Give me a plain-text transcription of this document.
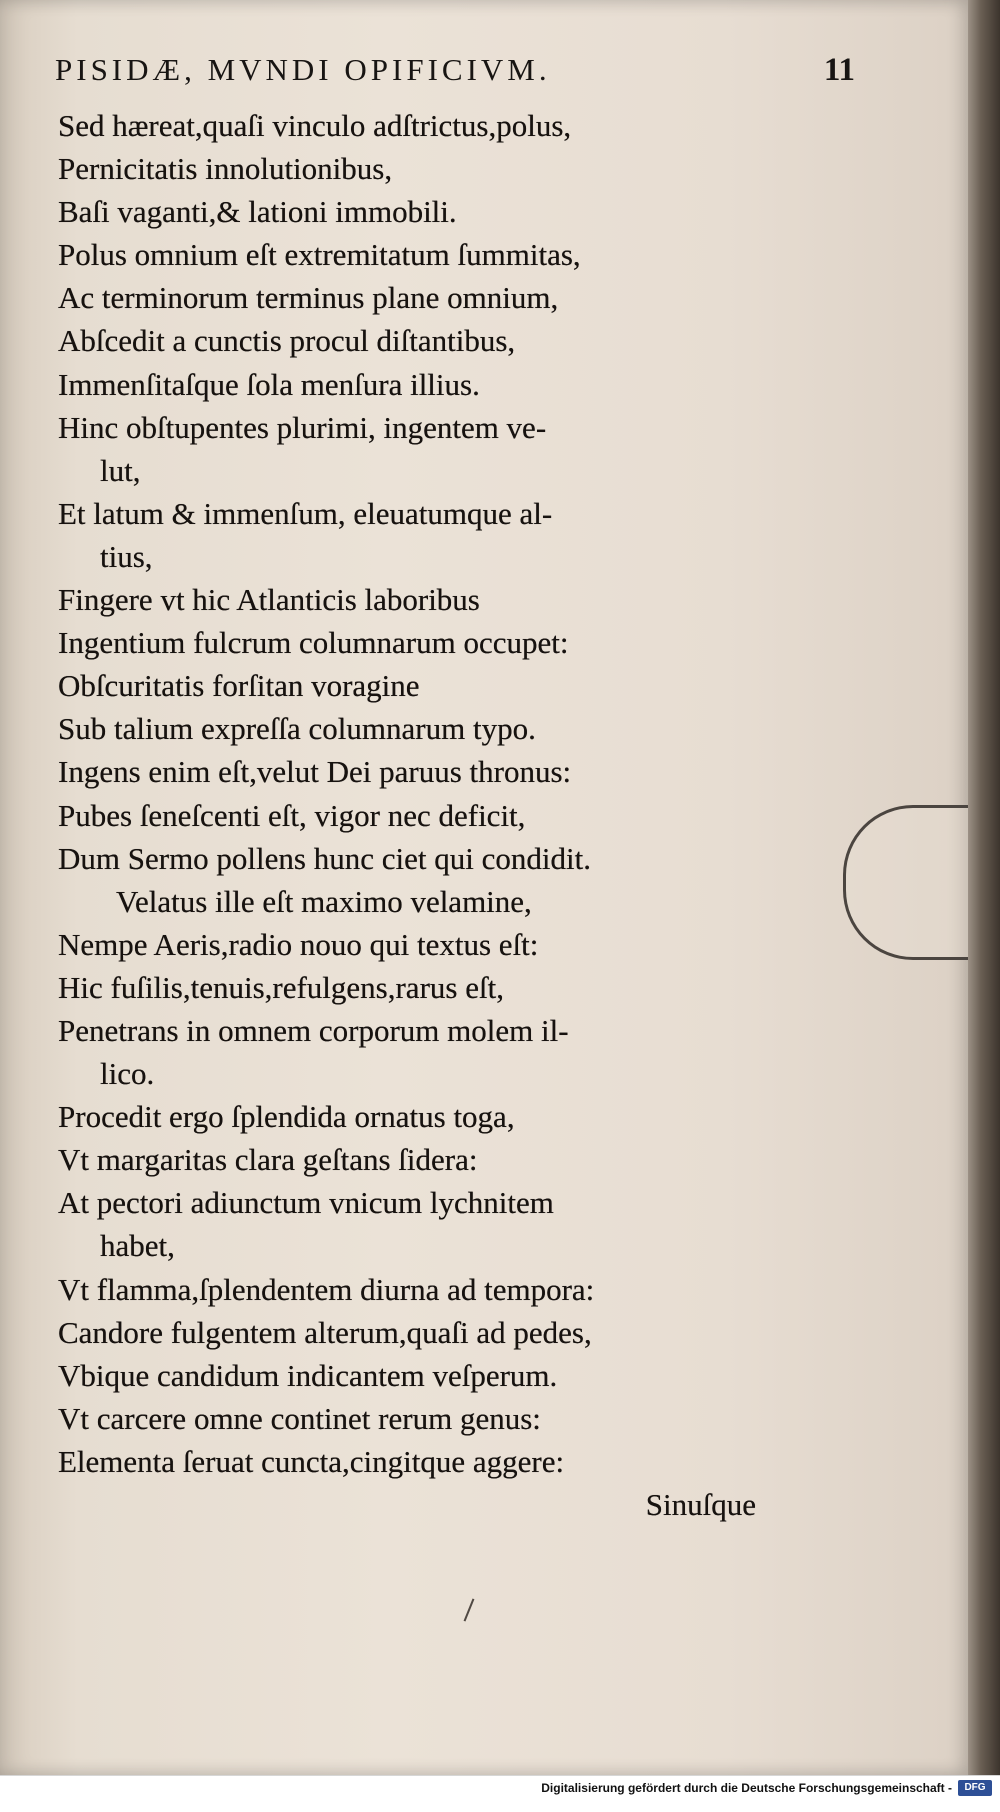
PISIDÆ, MVNDI OPIFICIVM.	11
Sed hæreat,quaſi vinculo adſtrictus,polus,
Pernicitatis innolutionibus,
Baſi vaganti,& lationi immobili.
Polus omnium eſt extremitatum ſummitas,
Ac terminorum terminus plane omnium,
Abſcedit a cunctis procul diſtantibus,
Immenſitaſque ſola menſura illius.
Hinc obſtupentes plurimi, ingentem ve-
lut,
Et latum & immenſum, eleuatumque al-
tius,
Fingere vt hic Atlanticis laboribus
Ingentium fulcrum columnarum occupet:
Obſcuritatis forſitan voragine
Sub talium expreſſa columnarum typo.
Ingens enim eſt,velut Dei paruus thronus:
Pubes ſeneſcenti eſt, vigor nec deficit,
Dum Sermo pollens hunc ciet qui condidit.
Velatus ille eſt maximo velamine,
Nempe Aeris,radio nouo qui textus eſt:
Hic fuſilis,tenuis,refulgens,rarus eſt,
Penetrans in omnem corporum molem il-
lico.
Procedit ergo ſplendida ornatus toga,
Vt margaritas clara geſtans ſidera:
At pectori adiunctum vnicum lychnitem
habet,
Vt flamma,ſplendentem diurna ad tempora:
Candore fulgentem alterum,quaſi ad pedes,
Vbique candidum indicantem veſperum.
Vt carcere omne continet rerum genus:
Elementa ſeruat cuncta,cingitque aggere:
Sinuſque
Digitalisierung gefördert durch die Deutsche Forschungsgemeinschaft -	DFG
